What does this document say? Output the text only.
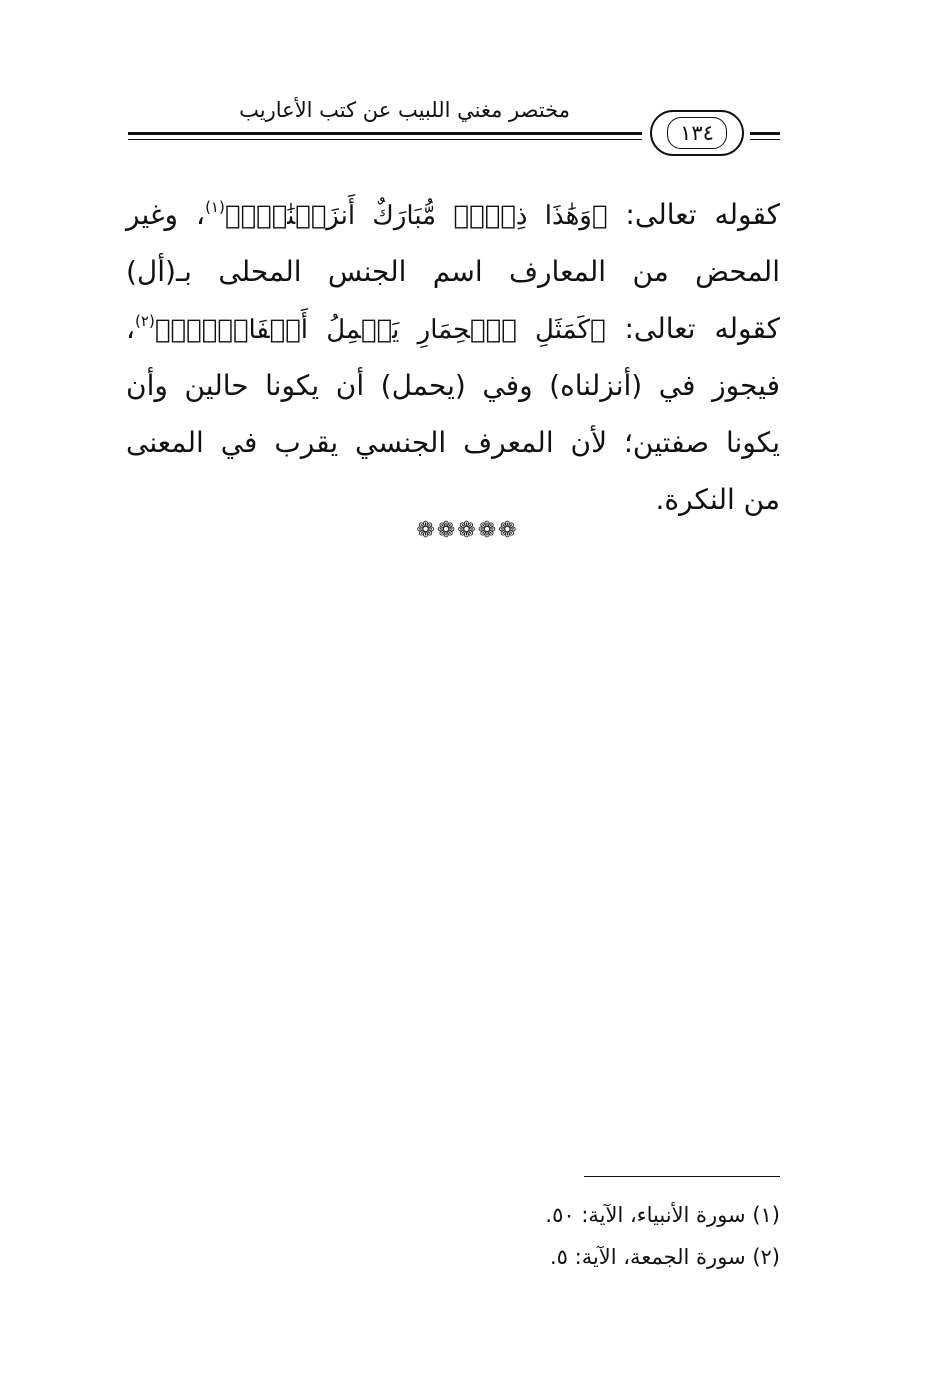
مختصر مغني اللبيب عن كتب الأعاريب
١٣٤
كقوله تعالى: ﴿وَهَٰذَا ذِكۡرٞ مُّبَارَكٌ أَنزَلۡنَٰهُۚ﴾$^{(١)}$، وغير
المحض من المعارف اسم الجنس المحلى بـ(أل)
كقوله تعالى: ﴿كَمَثَلِ ٱلۡحِمَارِ يَحۡمِلُ أَسۡفَارَۢاۚ﴾$^{(٢)}$،
فيجوز في (أنزلناه) وفي (يحمل) أن يكونا حالين وأن
يكونا صفتين؛ لأن المعرف الجنسي يقرب في المعنى
من النكرة.
❁❁❁❁❁
(١) سورة الأنبياء، الآية: ٥٠.
(٢) سورة الجمعة، الآية: ٥.
